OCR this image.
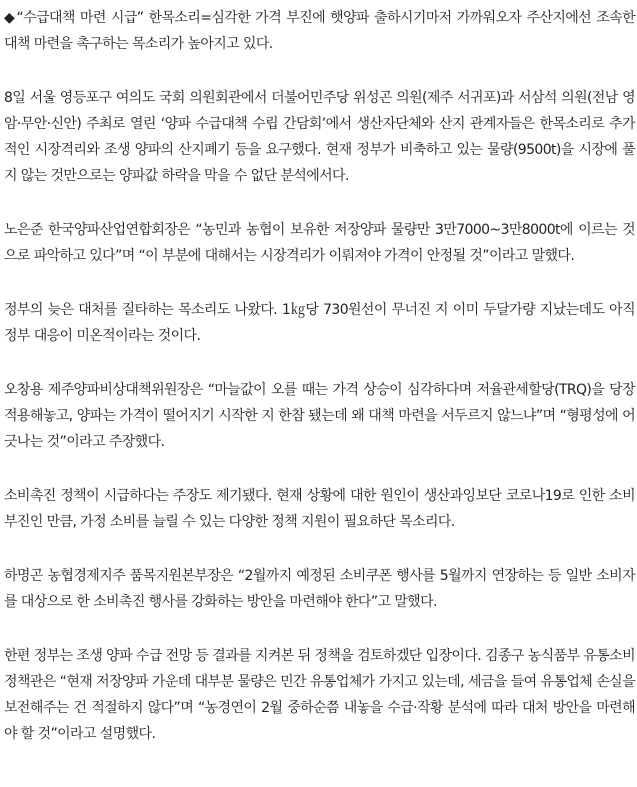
◆“수급대책 마련 시급” 한목소리=심각한 가격 부진에 햇양파 출하시기마저 가까워오자 주산지에선 조속한 대책 마련을 촉구하는 목소리가 높아지고 있다.

8일 서울 영등포구 여의도 국회 의원회관에서 더불어민주당 위성곤 의원(제주 서귀포)과 서삼석 의원(전남 영암·무안·신안) 주최로 열린 ‘양파 수급대책 수립 간담회’에서 생산자단체와 산지 관계자들은 한목소리로 추가적인 시장격리와 조생 양파의 산지폐기 등을 요구했다. 현재 정부가 비축하고 있는 물량(9500t)을 시장에 풀지 않는 것만으로는 양파값 하락을 막을 수 없단 분석에서다.

노은준 한국양파산업연합회장은 “농민과 농협이 보유한 저장양파 물량만 3만7000~3만8000t에 이르는 것으로 파악하고 있다”며 “이 부분에 대해서는 시장격리가 이뤄져야 가격이 안정될 것”이라고 말했다.

정부의 늦은 대처를 질타하는 목소리도 나왔다. 1㎏당 730원선이 무너진 지 이미 두달가량 지났는데도 아직 정부 대응이 미온적이라는 것이다.

오창용 제주양파비상대책위원장은 “마늘값이 오를 때는 가격 상승이 심각하다며 저율관세할당(TRQ)을 당장 적용해놓고, 양파는 가격이 떨어지기 시작한 지 한참 됐는데 왜 대책 마련을 서두르지 않느냐”며 “형평성에 어긋나는 것”이라고 주장했다.

소비촉진 정책이 시급하다는 주장도 제기됐다. 현재 상황에 대한 원인이 생산과잉보단 코로나19로 인한 소비부진인 만큼, 가정 소비를 늘릴 수 있는 다양한 정책 지원이 필요하단 목소리다.

하명곤 농협경제지주 품목지원본부장은 “2월까지 예정된 소비쿠폰 행사를 5월까지 연장하는 등 일반 소비자를 대상으로 한 소비촉진 행사를 강화하는 방안을 마련해야 한다”고 말했다.

한편 정부는 조생 양파 수급 전망 등 결과를 지켜본 뒤 정책을 검토하겠단 입장이다. 김종구 농식품부 유통소비정책관은 “현재 저장양파 가운데 대부분 물량은 민간 유통업체가 가지고 있는데, 세금을 들여 유통업체 손실을 보전해주는 건 적절하지 않다”며 “농경연이 2월 중하순쯤 내놓을 수급·작황 분석에 따라 대처 방안을 마련해야 할 것”이라고 설명했다.
